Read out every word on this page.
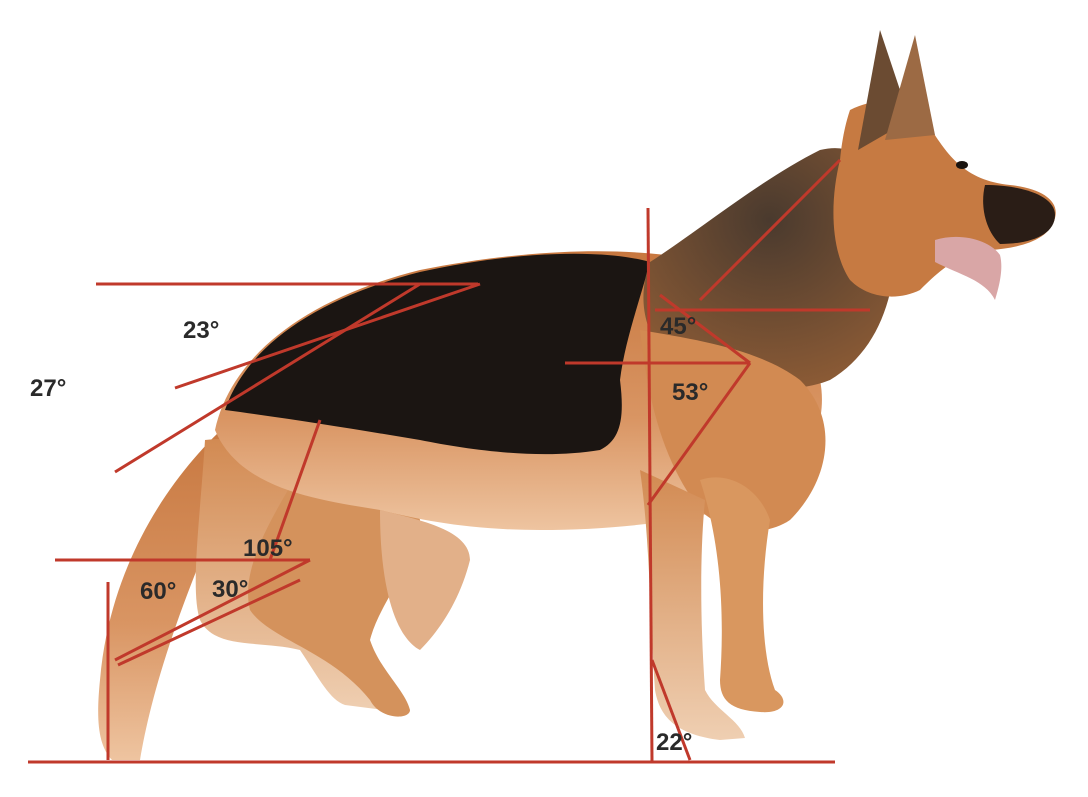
23°
27°
45°
53°
105°
60° 30°
22°
